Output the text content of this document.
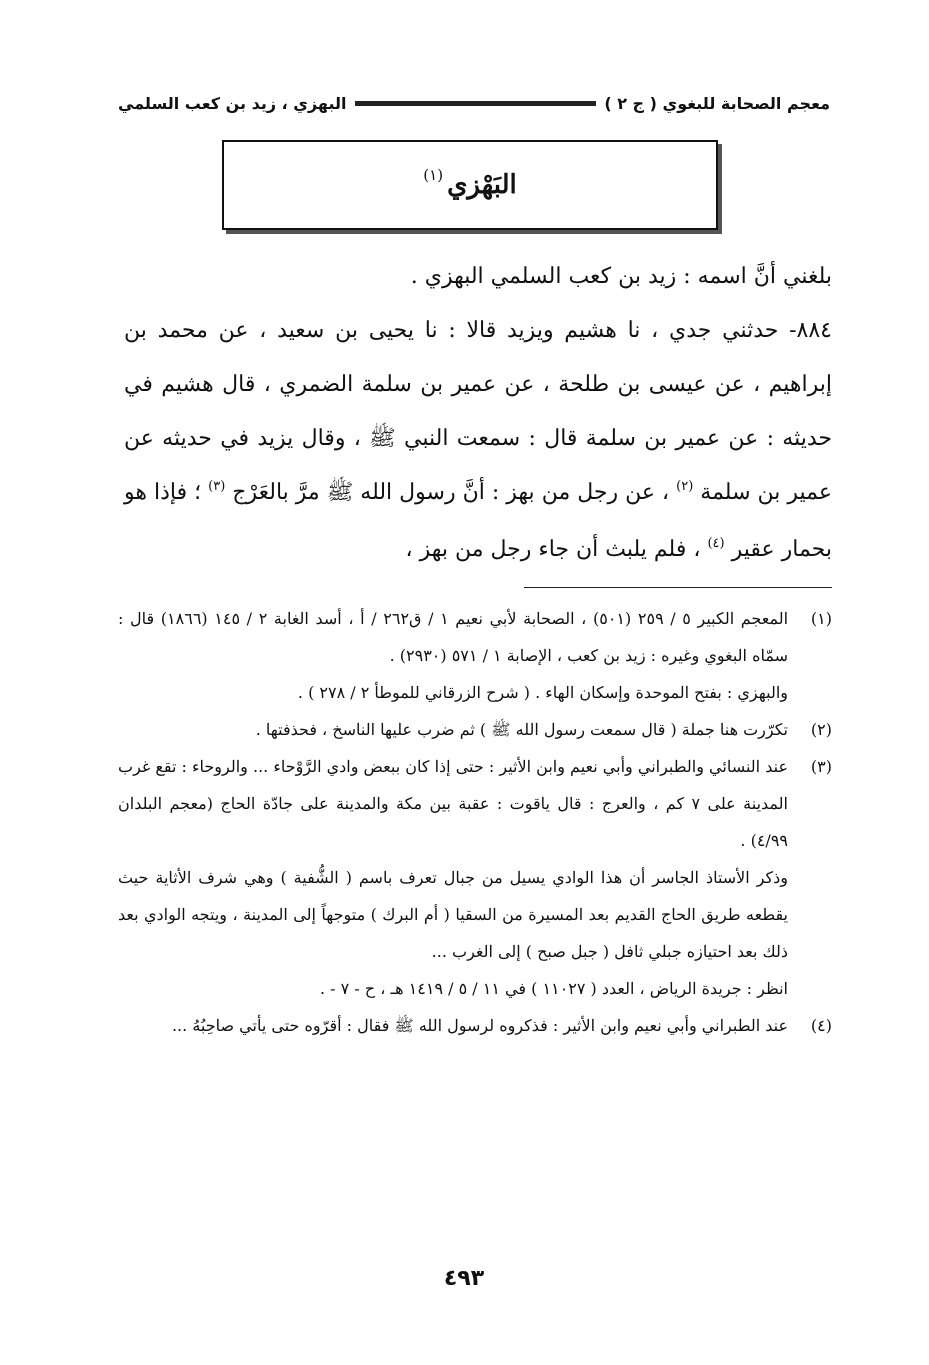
معجم الصحابة للبغوي ( ج ٢ )
البهزي ، زيد بن كعب السلمي
البَهْزي
(١)

بلغني أنَّ اسمه : زيد بن كعب السلمي البهزي .

٨٨٤- حدثني جدي ، نا هشيم ويزيد قالا : نا يحيى بن سعيد ، عن محمد بن إبراهيم ، عن عيسى بن طلحة ، عن عمير بن سلمة الضمري ، قال هشيم في حديثه : عن عمير بن سلمة قال : سمعت النبي ﷺ ، وقال يزيد في حديثه عن عمير بن سلمة $^{(٢)}$ ، عن رجل من بهز : أنَّ رسول الله ﷺ مرَّ بالعَرْج $^{(٣)}$ ؛ فإذا هو بحمار عقير $^{(٤)}$ ، فلم يلبث أن جاء رجل من بهز ،

(١)

المعجم الكبير ٥ / ٢٥٩ (٥٠١) ، الصحابة لأبي نعيم ١ / ق٢٦٢ / أ ، أسد الغابة ٢ / ١٤٥ (١٨٦٦) قال : سمّاه البغوي وغيره : زيد بن كعب ، الإصابة ١ / ٥٧١ (٢٩٣٠) .

والبهزي : بفتح الموحدة وإسكان الهاء . ( شرح الزرقاني للموطأ ٢ / ٢٧٨ ) .

(٢)

تكرّرت هنا جملة ( قال سمعت رسول الله ﷺ ) ثم ضرب عليها الناسخ ، فحذفتها .

(٣)

عند النسائي والطبراني وأبي نعيم وابن الأثير : حتى إذا كان ببعض وادي الرَّوْحاء ... والروحاء : تقع غرب المدينة على ٧ كم ، والعرج : قال ياقوت : عقبة بين مكة والمدينة على جادّة الحاج (معجم البلدان ٤/٩٩) .

وذكر الأستاذ الجاسر أن هذا الوادي يسيل من جبال تعرف باسم ( الشُّفية ) وهي شرف الأثاية حيث يقطعه طريق الحاج القديم بعد المسيرة من السقيا ( أم البرك ) متوجهاً إلى المدينة ، ويتجه الوادي بعد ذلك بعد احتيازه جبلي ثافل ( جبل صبح ) إلى الغرب ...

انظر : جريدة الرياض ، العدد ( ١١٠٢٧ ) في ١١ / ٥ / ١٤١٩ هـ ، ح - ٧ - .

(٤)

عند الطبراني وأبي نعيم وابن الأثير : فذكروه لرسول الله ﷺ فقال : أقرّوه حتى يأتي صاحِبُهُ ...

٤٩٣
